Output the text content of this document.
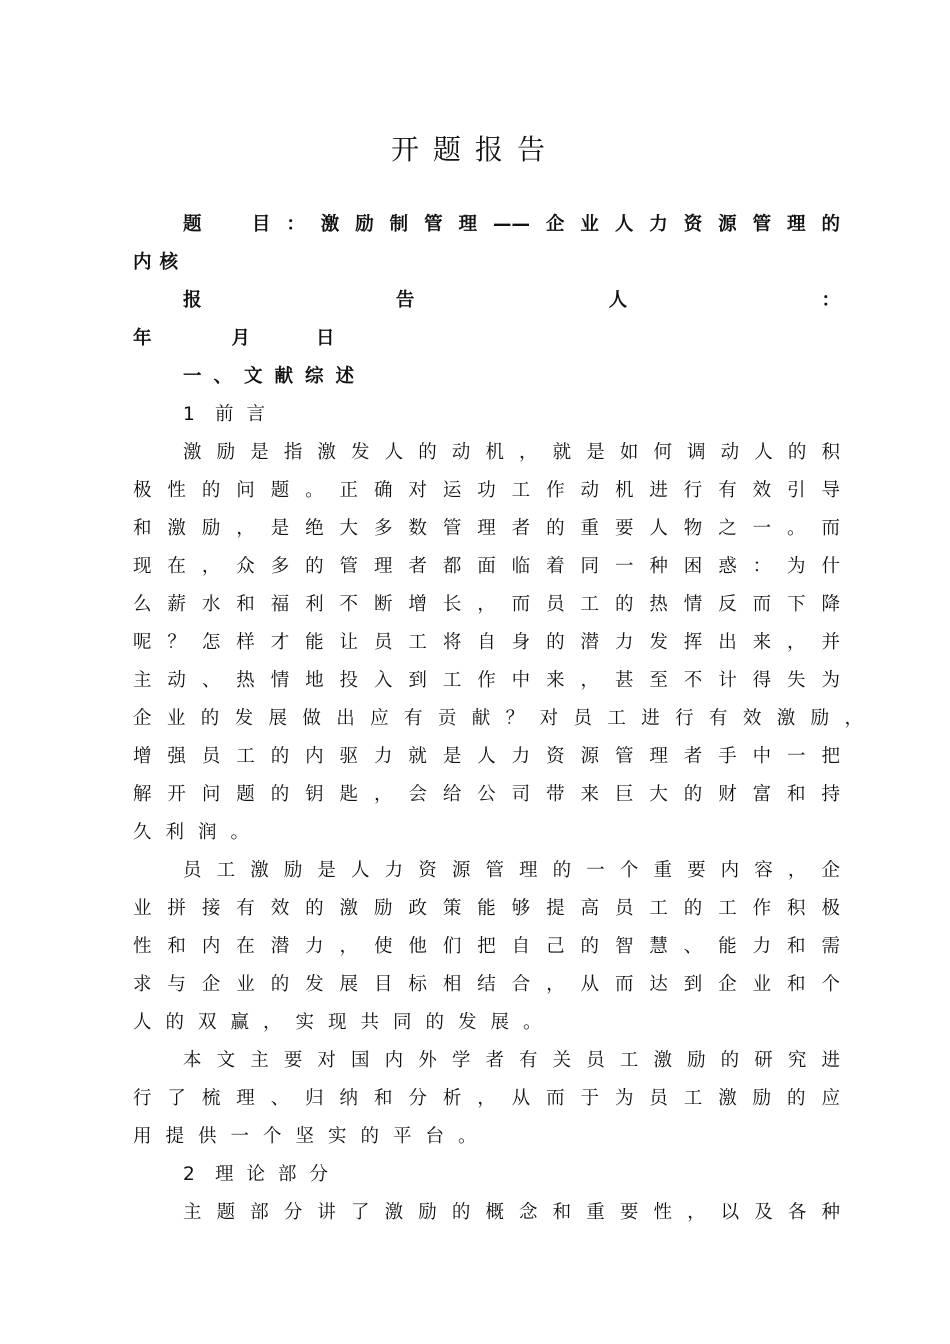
开题报告
题　目：激励制管理——企业人力资源管理的
内核
报告人：
年	月	日
一、文献综述
1 前言
激励是指激发人的动机，就是如何调动人的积
极性的问题。正确对运功工作动机进行有效引导
和激励，是绝大多数管理者的重要人物之一。而
现在，众多的管理者都面临着同一种困惑：为什
么薪水和福利不断增长，而员工的热情反而下降
呢？怎样才能让员工将自身的潜力发挥出来，并
主动、热情地投入到工作中来，甚至不计得失为
企业的发展做出应有贡献？对员工进行有效激励，
增强员工的内驱力就是人力资源管理者手中一把
解开问题的钥匙，会给公司带来巨大的财富和持
久利润。
员工激励是人力资源管理的一个重要内容，企
业拼接有效的激励政策能够提高员工的工作积极
性和内在潜力，使他们把自己的智慧、能力和需
求与企业的发展目标相结合，从而达到企业和个
人的双赢，实现共同的发展。
本文主要对国内外学者有关员工激励的研究进
行了梳理、归纳和分析，从而于为员工激励的应
用提供一个坚实的平台。
2 理论部分
主题部分讲了激励的概念和重要性，以及各种
